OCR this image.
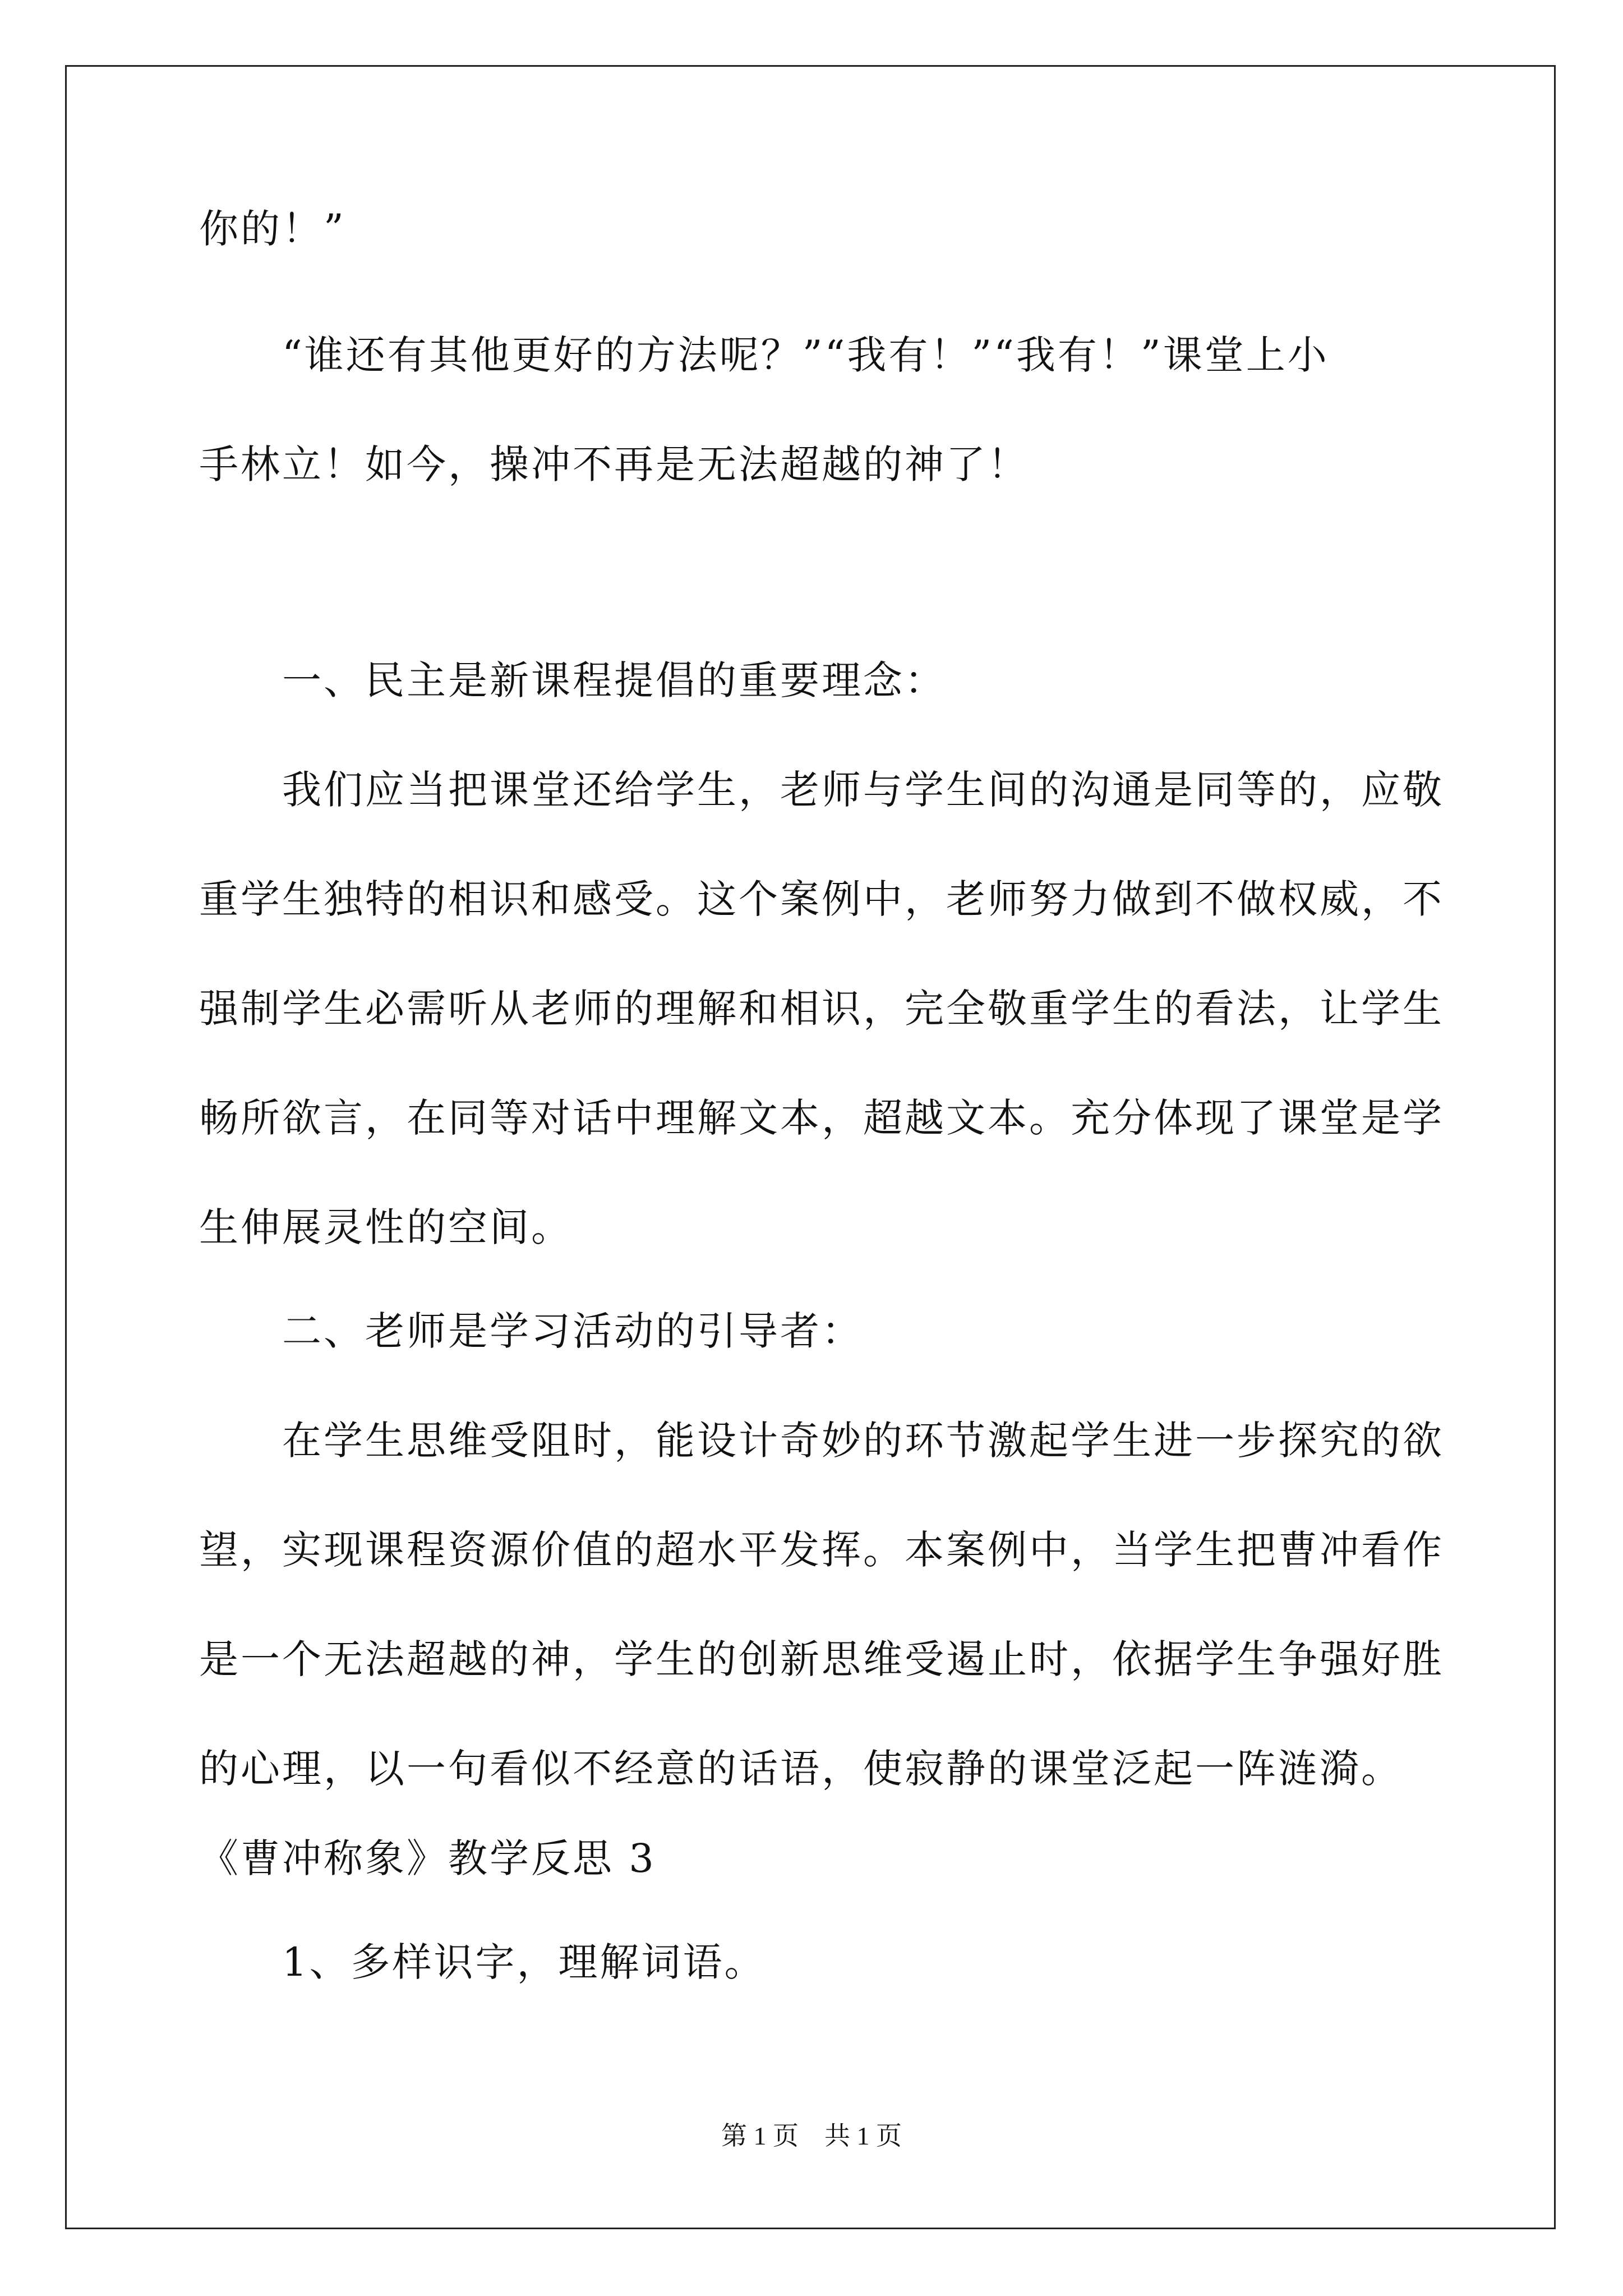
你的！”
“谁还有其他更好的方法呢？”“我有！”“我有！”课堂上小
手林立！如今，操冲不再是无法超越的神了！
一、民主是新课程提倡的重要理念：
我们应当把课堂还给学生，老师与学生间的沟通是同等的，应敬
重学生独特的相识和感受。这个案例中，老师努力做到不做权威，不
强制学生必需听从老师的理解和相识，完全敬重学生的看法，让学生
畅所欲言，在同等对话中理解文本，超越文本。充分体现了课堂是学
生伸展灵性的空间。
二、老师是学习活动的引导者：
在学生思维受阻时，能设计奇妙的环节激起学生进一步探究的欲
望，实现课程资源价值的超水平发挥。本案例中，当学生把曹冲看作
是一个无法超越的神，学生的创新思维受遏止时，依据学生争强好胜
的心理，以一句看似不经意的话语，使寂静的课堂泛起一阵涟漪。
《曹冲称象》教学反思 3
1、多样识字，理解词语。
第 1 页　共 1 页
